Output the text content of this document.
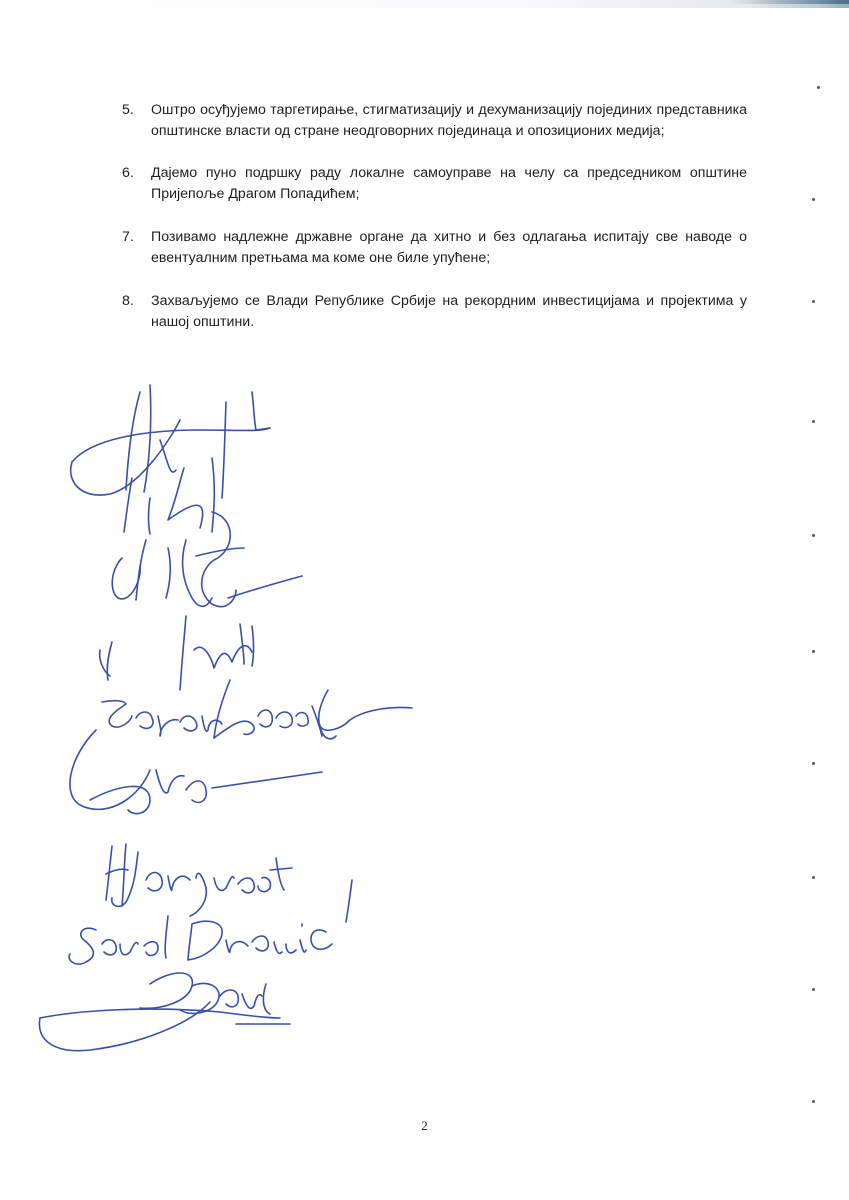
5. Оштро осуђујемо таргетирање, стигматизацију и дехуманизацију појединих представника општинске власти од стране неодговорних појединаца и опозиционих медија;
6. Дајемо пуно подршку раду локалне самоуправе на челу са председником општине Пријепоље Драгом Попадићем;
7. Позивамо надлежне државне органе да хитно и без одлагања испитају све наводе о евентуалним претњама ма коме оне биле упућене;
8. Захваљујемо се Влади Републике Србије на рекордним инвестицијама и пројектима у нашој општини.
2
